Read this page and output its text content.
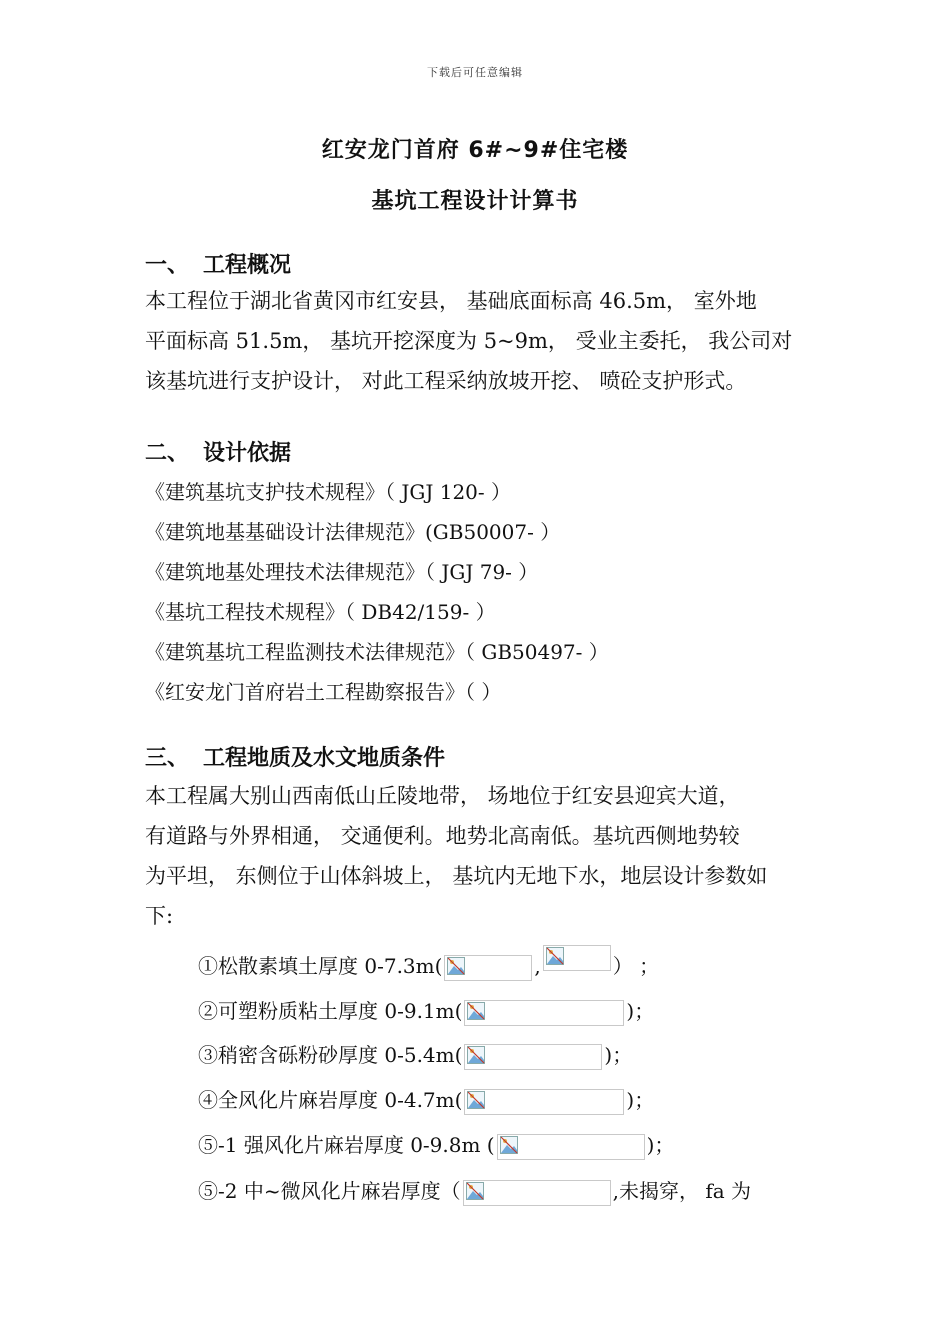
下载后可任意编辑
红安龙门首府 6#~9#住宅楼
基坑工程设计计算书
一、 工程概况
本工程位于湖北省黄冈市红安县， 基础底面标高 46.5m， 室外地
平面标高 51.5m， 基坑开挖深度为 5~9m， 受业主委托， 我公司对
该基坑进行支护设计， 对此工程采纳放坡开挖、 喷砼支护形式。
二、 设计依据
《建筑基坑支护技术规程》（ JGJ 120- ）
《建筑地基基础设计法律规范》(GB50007- ）
《建筑地基处理技术法律规范》（ JGJ 79- ）
《基坑工程技术规程》（ DB42/159- ）
《建筑基坑工程监测技术法律规范》（ GB50497- ）
《红安龙门首府岩土工程勘察报告》（ ）
三、 工程地质及水文地质条件
本工程属大别山西南低山丘陵地带， 场地位于红安县迎宾大道，
有道路与外界相通， 交通便利。地势北高南低。基坑西侧地势较
为平坦， 东侧位于山体斜坡上， 基坑内无地下水，地层设计参数如
下:
①松散素填土厚度 0-7.3m(	,	） ；
②可塑粉质粘土厚度 0-9.1m(	)；
③稍密含砾粉砂厚度 0-5.4m(	)；
④全风化片麻岩厚度 0-4.7m(	)；
⑤-1 强风化片麻岩厚度 0-9.8m (	)；
⑤-2 中~微风化片麻岩厚度（	,未揭穿， fa 为
